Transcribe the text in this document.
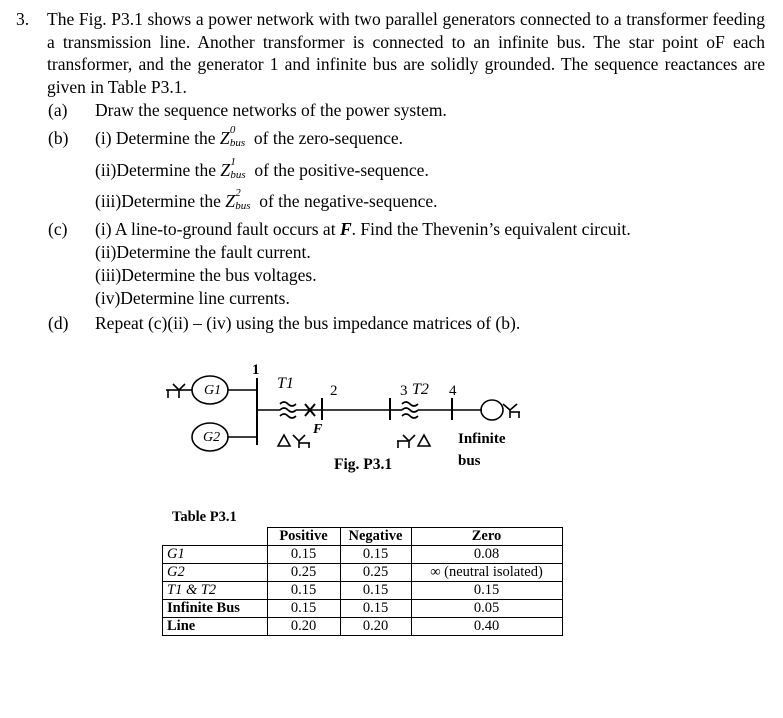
3. The Fig. P3.1 shows a power network with two parallel generators connected to a transformer feeding a transmission line. Another transformer is connected to an infinite bus. The star point oF each transformer, and the generator 1 and infinite bus are solidly grounded. The sequence reactances are given in Table P3.1.
(a) Draw the sequence networks of the power system.
(b) (i) Determine the Z 0
bus of the zero-sequence.
(ii)Determine the Z 1
bus of the positive-sequence.
(iii)Determine the Z 2
bus of the negative-sequence.
(c) (i) A line-to-ground fault occurs at F. Find the Thevenin’s equivalent circuit.
(ii)Determine the fault current.
(iii)Determine the bus voltages.
(iv)Determine line currents.
(d) Repeat (c)(ii) – (iv) using the bus impedance matrices of (b).
G1
G2
1
T1 2	3 T2 4
F
Infinite
bus
Fig. P3.1
Table P3.1
	Positive	Negative	Zero
G1	0.15	0.15	0.08
G2	0.25	0.25	∞ (neutral isolated)
T1 & T2	0.15	0.15	0.15
Infinite Bus	0.15	0.15	0.05
Line	0.20	0.20	0.40
